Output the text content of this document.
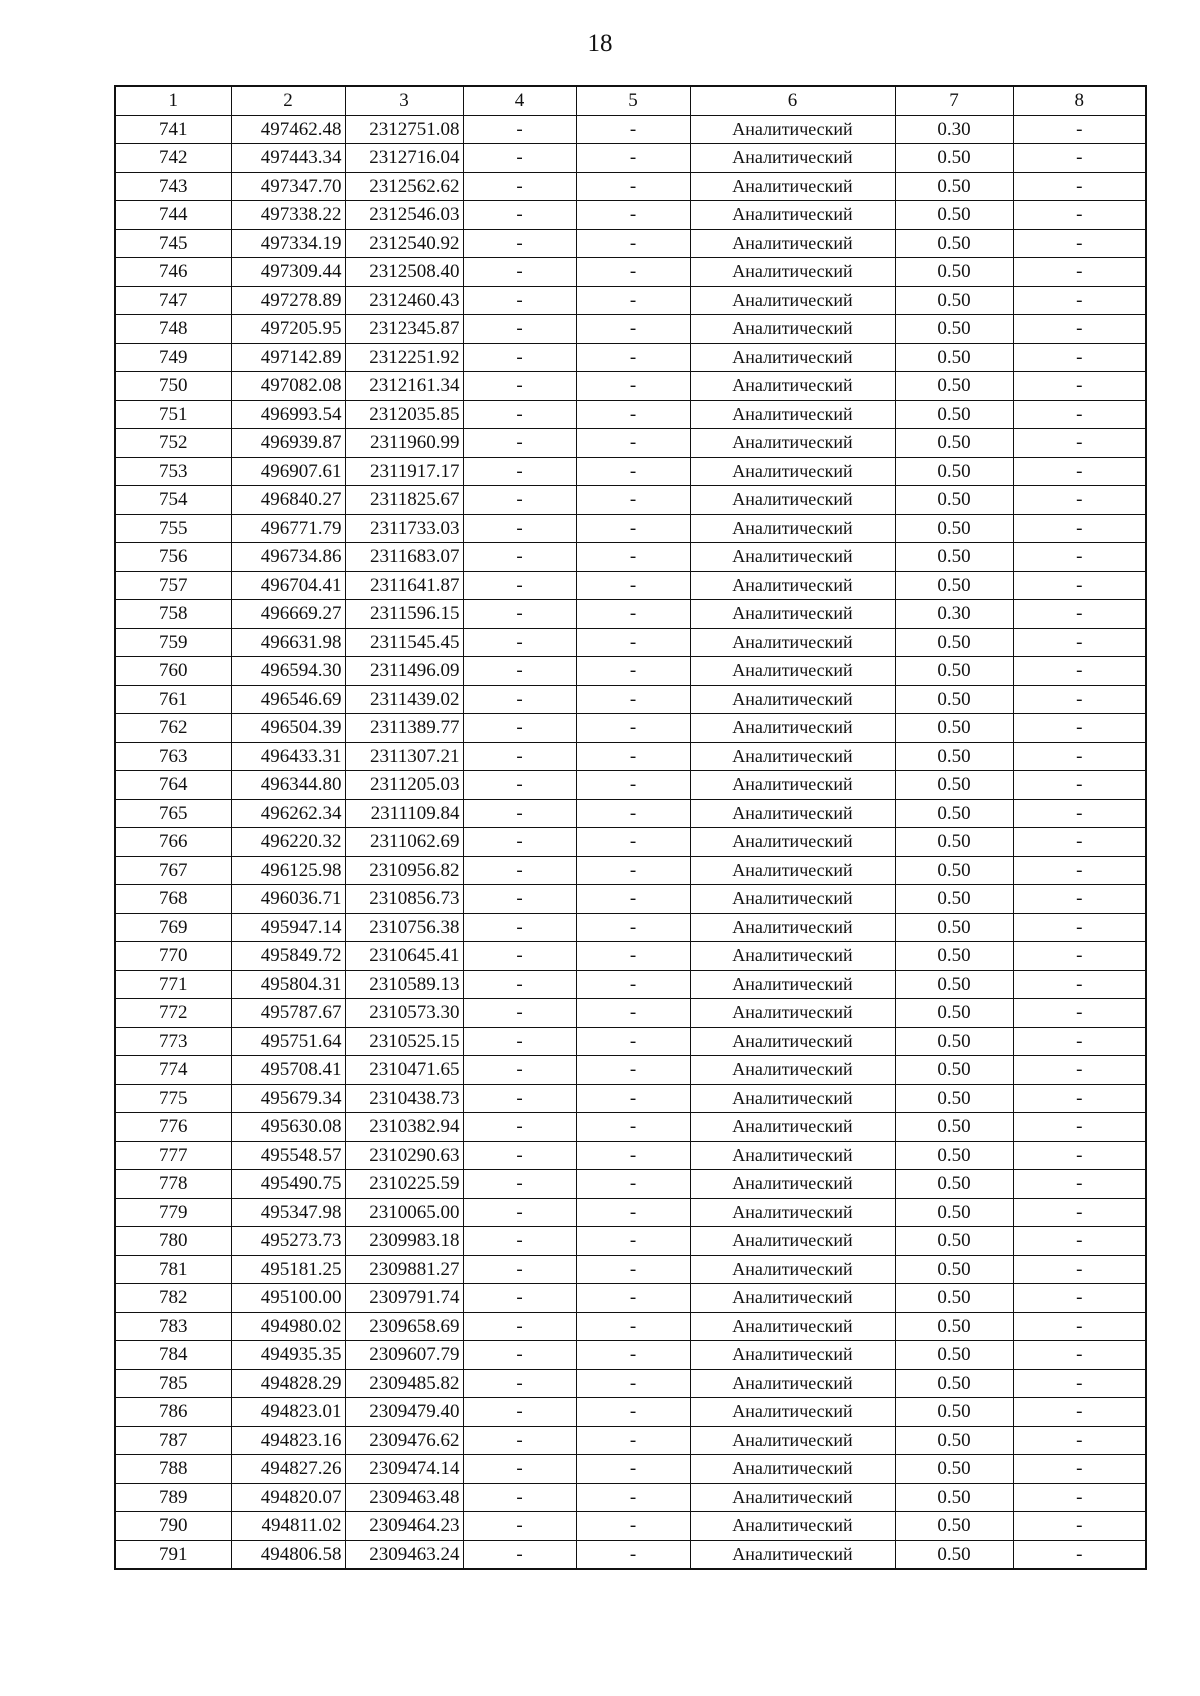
18
1	2	3	4	5	6	7	8
741	497462.48	2312751.08	-	-	Аналитический	0.30	-
742	497443.34	2312716.04	-	-	Аналитический	0.50	-
743	497347.70	2312562.62	-	-	Аналитический	0.50	-
744	497338.22	2312546.03	-	-	Аналитический	0.50	-
745	497334.19	2312540.92	-	-	Аналитический	0.50	-
746	497309.44	2312508.40	-	-	Аналитический	0.50	-
747	497278.89	2312460.43	-	-	Аналитический	0.50	-
748	497205.95	2312345.87	-	-	Аналитический	0.50	-
749	497142.89	2312251.92	-	-	Аналитический	0.50	-
750	497082.08	2312161.34	-	-	Аналитический	0.50	-
751	496993.54	2312035.85	-	-	Аналитический	0.50	-
752	496939.87	2311960.99	-	-	Аналитический	0.50	-
753	496907.61	2311917.17	-	-	Аналитический	0.50	-
754	496840.27	2311825.67	-	-	Аналитический	0.50	-
755	496771.79	2311733.03	-	-	Аналитический	0.50	-
756	496734.86	2311683.07	-	-	Аналитический	0.50	-
757	496704.41	2311641.87	-	-	Аналитический	0.50	-
758	496669.27	2311596.15	-	-	Аналитический	0.30	-
759	496631.98	2311545.45	-	-	Аналитический	0.50	-
760	496594.30	2311496.09	-	-	Аналитический	0.50	-
761	496546.69	2311439.02	-	-	Аналитический	0.50	-
762	496504.39	2311389.77	-	-	Аналитический	0.50	-
763	496433.31	2311307.21	-	-	Аналитический	0.50	-
764	496344.80	2311205.03	-	-	Аналитический	0.50	-
765	496262.34	2311109.84	-	-	Аналитический	0.50	-
766	496220.32	2311062.69	-	-	Аналитический	0.50	-
767	496125.98	2310956.82	-	-	Аналитический	0.50	-
768	496036.71	2310856.73	-	-	Аналитический	0.50	-
769	495947.14	2310756.38	-	-	Аналитический	0.50	-
770	495849.72	2310645.41	-	-	Аналитический	0.50	-
771	495804.31	2310589.13	-	-	Аналитический	0.50	-
772	495787.67	2310573.30	-	-	Аналитический	0.50	-
773	495751.64	2310525.15	-	-	Аналитический	0.50	-
774	495708.41	2310471.65	-	-	Аналитический	0.50	-
775	495679.34	2310438.73	-	-	Аналитический	0.50	-
776	495630.08	2310382.94	-	-	Аналитический	0.50	-
777	495548.57	2310290.63	-	-	Аналитический	0.50	-
778	495490.75	2310225.59	-	-	Аналитический	0.50	-
779	495347.98	2310065.00	-	-	Аналитический	0.50	-
780	495273.73	2309983.18	-	-	Аналитический	0.50	-
781	495181.25	2309881.27	-	-	Аналитический	0.50	-
782	495100.00	2309791.74	-	-	Аналитический	0.50	-
783	494980.02	2309658.69	-	-	Аналитический	0.50	-
784	494935.35	2309607.79	-	-	Аналитический	0.50	-
785	494828.29	2309485.82	-	-	Аналитический	0.50	-
786	494823.01	2309479.40	-	-	Аналитический	0.50	-
787	494823.16	2309476.62	-	-	Аналитический	0.50	-
788	494827.26	2309474.14	-	-	Аналитический	0.50	-
789	494820.07	2309463.48	-	-	Аналитический	0.50	-
790	494811.02	2309464.23	-	-	Аналитический	0.50	-
791	494806.58	2309463.24	-	-	Аналитический	0.50	-
